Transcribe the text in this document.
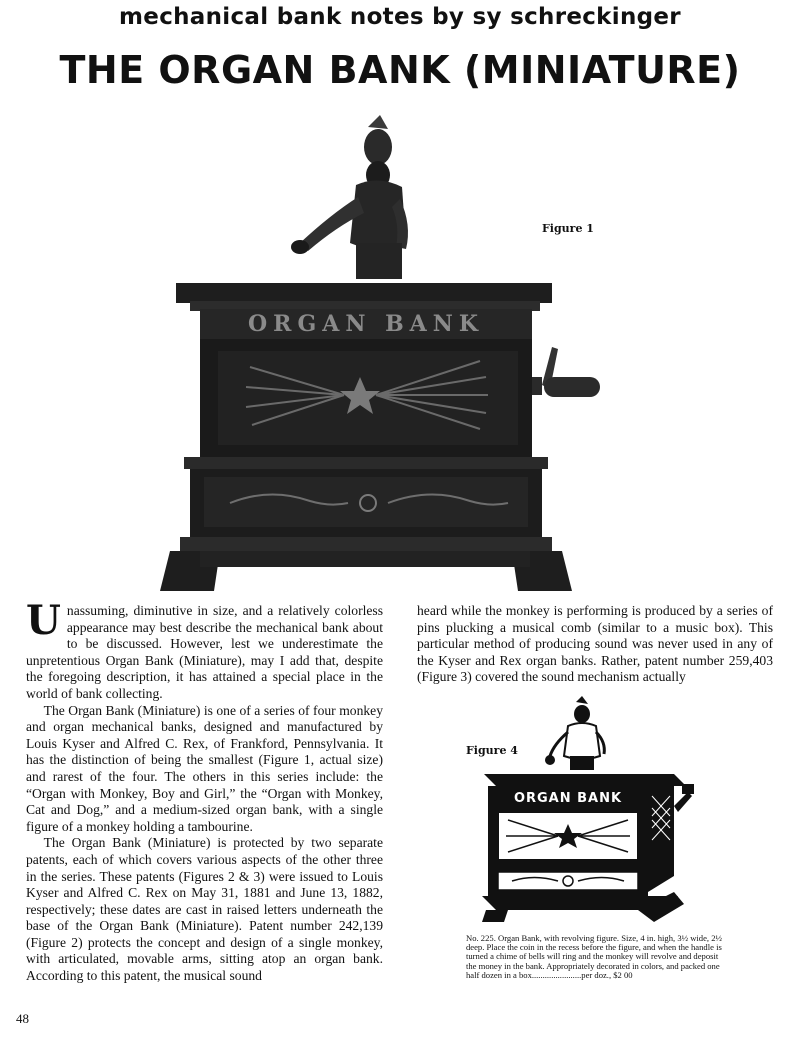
mechanical bank notes by sy schreckinger
THE ORGAN BANK (MINIATURE)
ORGAN BANK
Figure 1

Unassuming, diminutive in size, and a relatively colorless appearance may best describe the mechanical bank about to be discussed. However, lest we underestimate the unpretentious Organ Bank (Miniature), may I add that, despite the foregoing description, it has attained a special place in the world of bank collecting.

The Organ Bank (Miniature) is one of a series of four monkey and organ mechanical banks, designed and manufactured by Louis Kyser and Alfred C. Rex, of Frankford, Pennsylvania. It has the distinction of being the smallest (Figure 1, actual size) and rarest of the four. The others in this series include: the “Organ with Monkey, Boy and Girl,” the “Organ with Monkey, Cat and Dog,” and a medium-sized organ bank, with a single figure of a monkey holding a tambourine.

The Organ Bank (Miniature) is protected by two separate patents, each of which covers various aspects of the other three in the series. These patents (Figures 2 & 3) were issued to Louis Kyser and Alfred C. Rex on May 31, 1881 and June 13, 1882, respectively; these dates are cast in raised letters underneath the base of the Organ Bank (Miniature). Patent number 242,139 (Figure 2) protects the concept and design of a single monkey, with articulated, movable arms, sitting atop an organ bank. According to this patent, the musical sound

heard while the monkey is performing is produced by a series of pins plucking a musical comb (similar to a music box). This particular method of producing sound was never used in any of the Kyser and Rex organ banks. Rather, patent number 259,403 (Figure 3) covered the sound mechanism actually

Figure 4
ORGAN BANK
No. 225. Organ Bank, with revolving figure. Size, 4 in. high, 3½ wide, 2½ deep. Place the coin in the recess before the figure, and when the handle is turned a chime of bells will ring and the monkey will revolve and deposit the money in the bank. Appropriately decorated in colors, and packed one half dozen in a box.......................per doz., $2 00
48
